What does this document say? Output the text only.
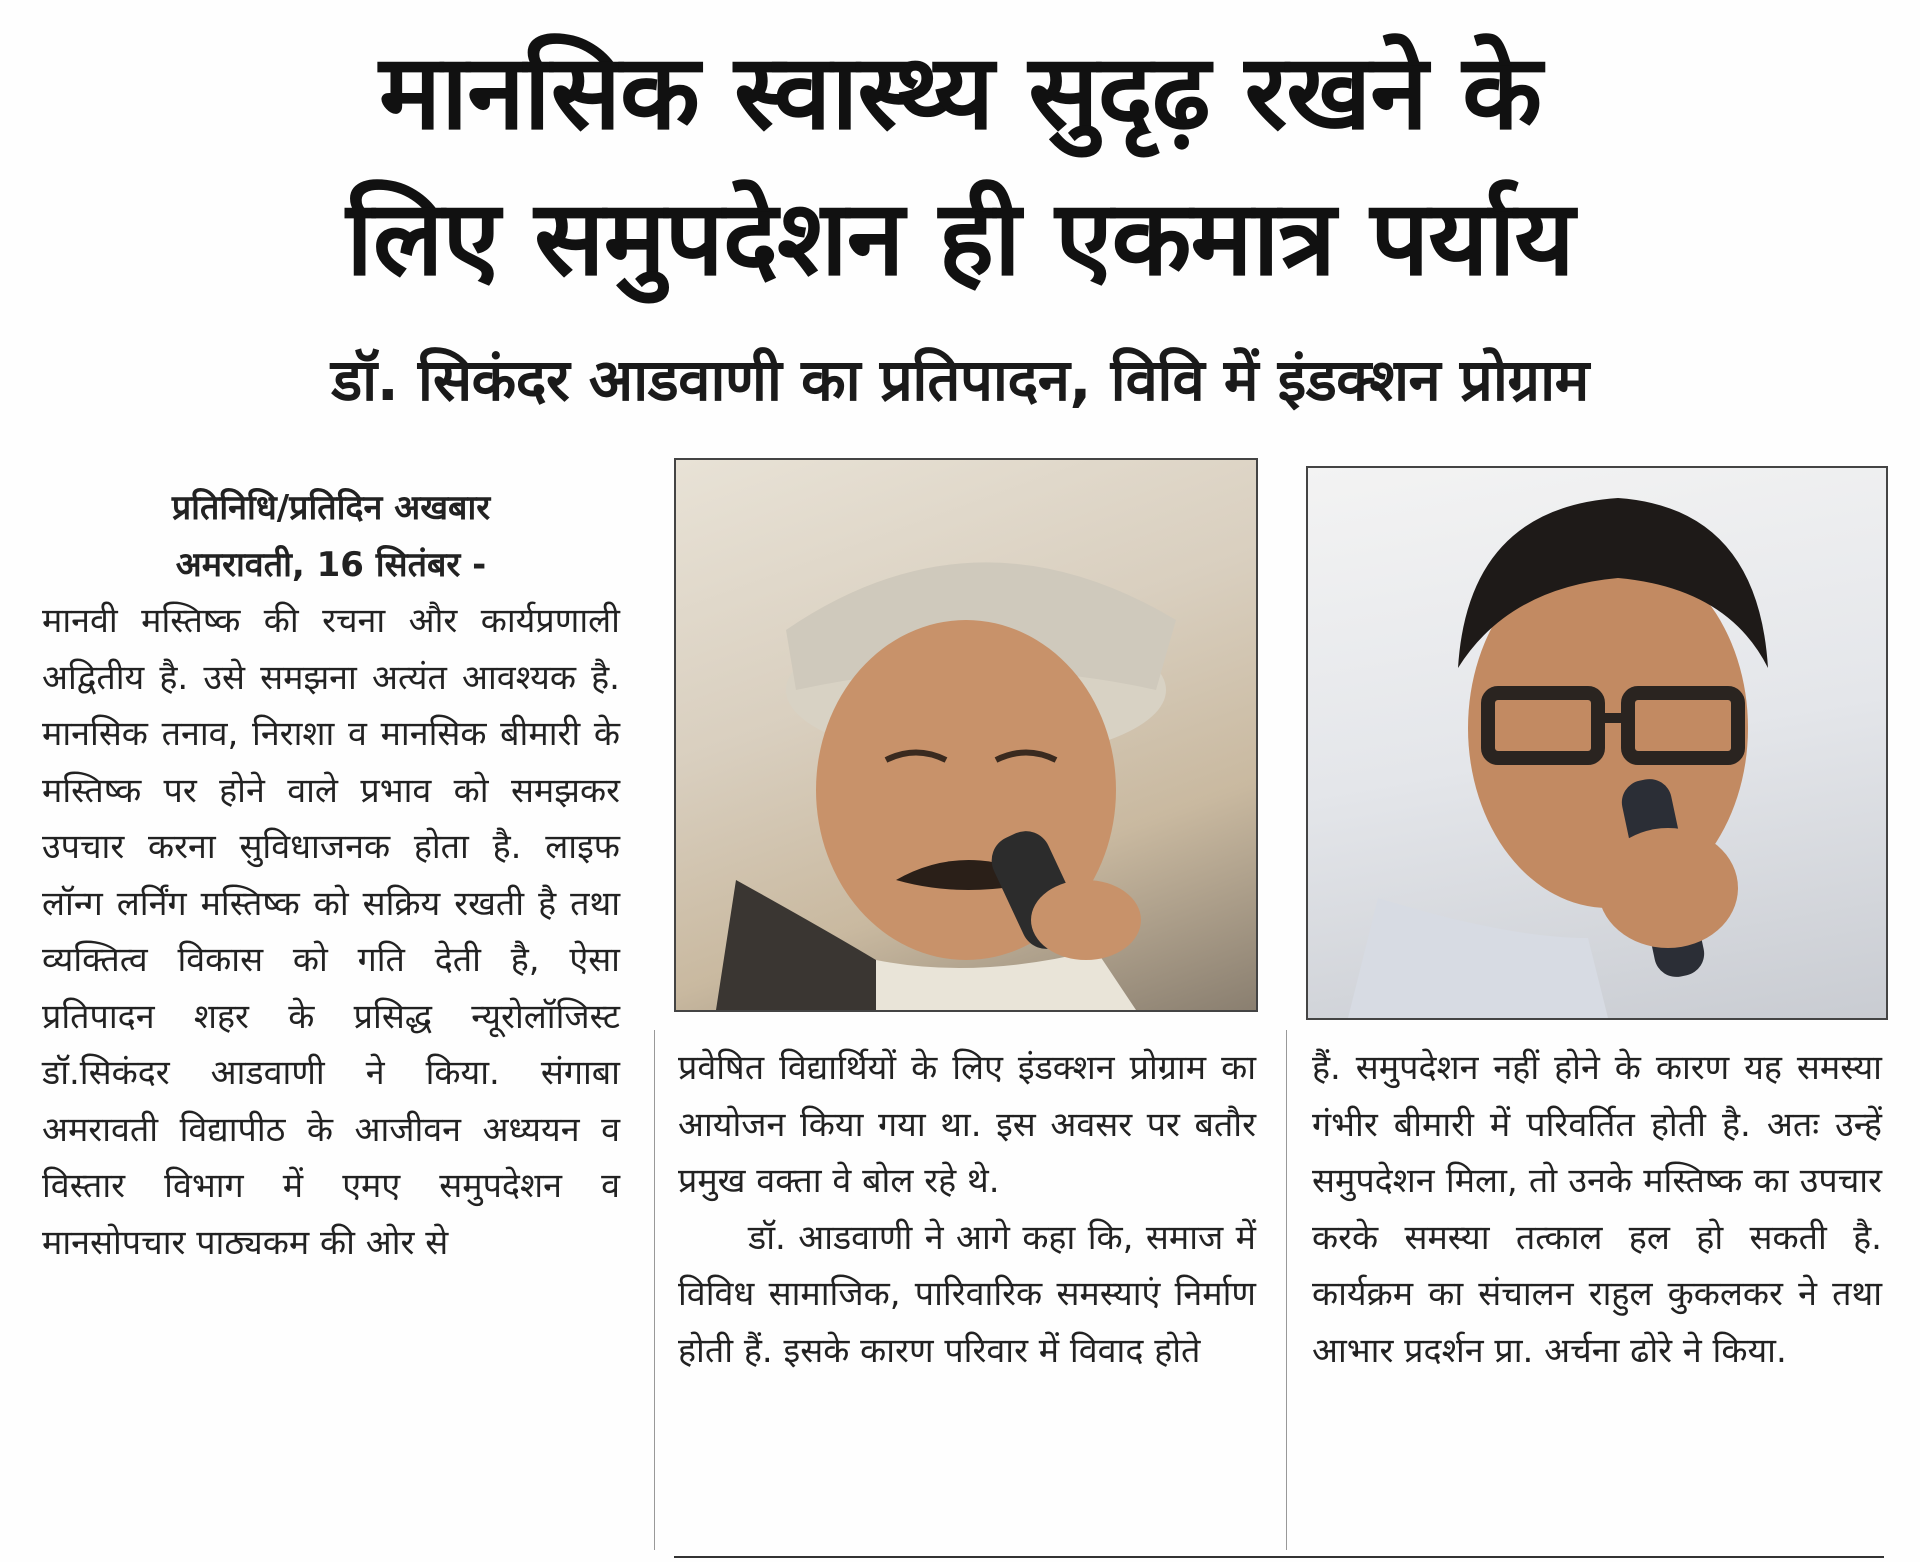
मानसिक स्वास्थ्य सुदृढ़ रखने के
लिए समुपदेशन ही एकमात्र पर्याय
डॉ. सिकंदर आडवाणी का प्रतिपादन, विवि में इंडक्शन प्रोग्राम

प्रतिनिधि/प्रतिदिन अखबार

अमरावती, 16 सितंबर -

मानवी मस्तिष्क की रचना और कार्यप्रणाली अद्वितीय है. उसे समझना अत्यंत आवश्यक है. मानसिक तनाव, निराशा व मानसिक बीमारी के मस्तिष्क पर होने वाले प्रभाव को समझकर उपचार करना सुविधाजनक होता है. लाइफ लॉन्ग लर्निंग मस्तिष्क को सक्रिय रखती है तथा व्यक्तित्व विकास को गति देती है, ऐसा प्रतिपादन शहर के प्रसिद्ध न्यूरोलॉजिस्ट डॉ.सिकंदर आडवाणी ने किया. संगाबा अमरावती विद्यापीठ के आजीवन अध्ययन व विस्तार विभाग में एमए समुपदेशन व मानसोपचार पाठ्यकम की ओर से

प्रवेषित विद्यार्थियों के लिए इंडक्शन प्रोग्राम का आयोजन किया गया था. इस अवसर पर बतौर प्रमुख वक्ता वे बोल रहे थे.

डॉ. आडवाणी ने आगे कहा कि, समाज में विविध सामाजिक, पारिवारिक समस्याएं निर्माण होती हैं. इसके कारण परिवार में विवाद होते

हैं. समुपदेशन नहीं होने के कारण यह समस्या गंभीर बीमारी में परिवर्तित होती है. अतः उन्हें समुपदेशन मिला, तो उनके मस्तिष्क का उपचार करके समस्या तत्काल हल हो सकती है. कार्यक्रम का संचालन राहुल कुकलकर ने तथा आभार प्रदर्शन प्रा. अर्चना ढोरे ने किया.
